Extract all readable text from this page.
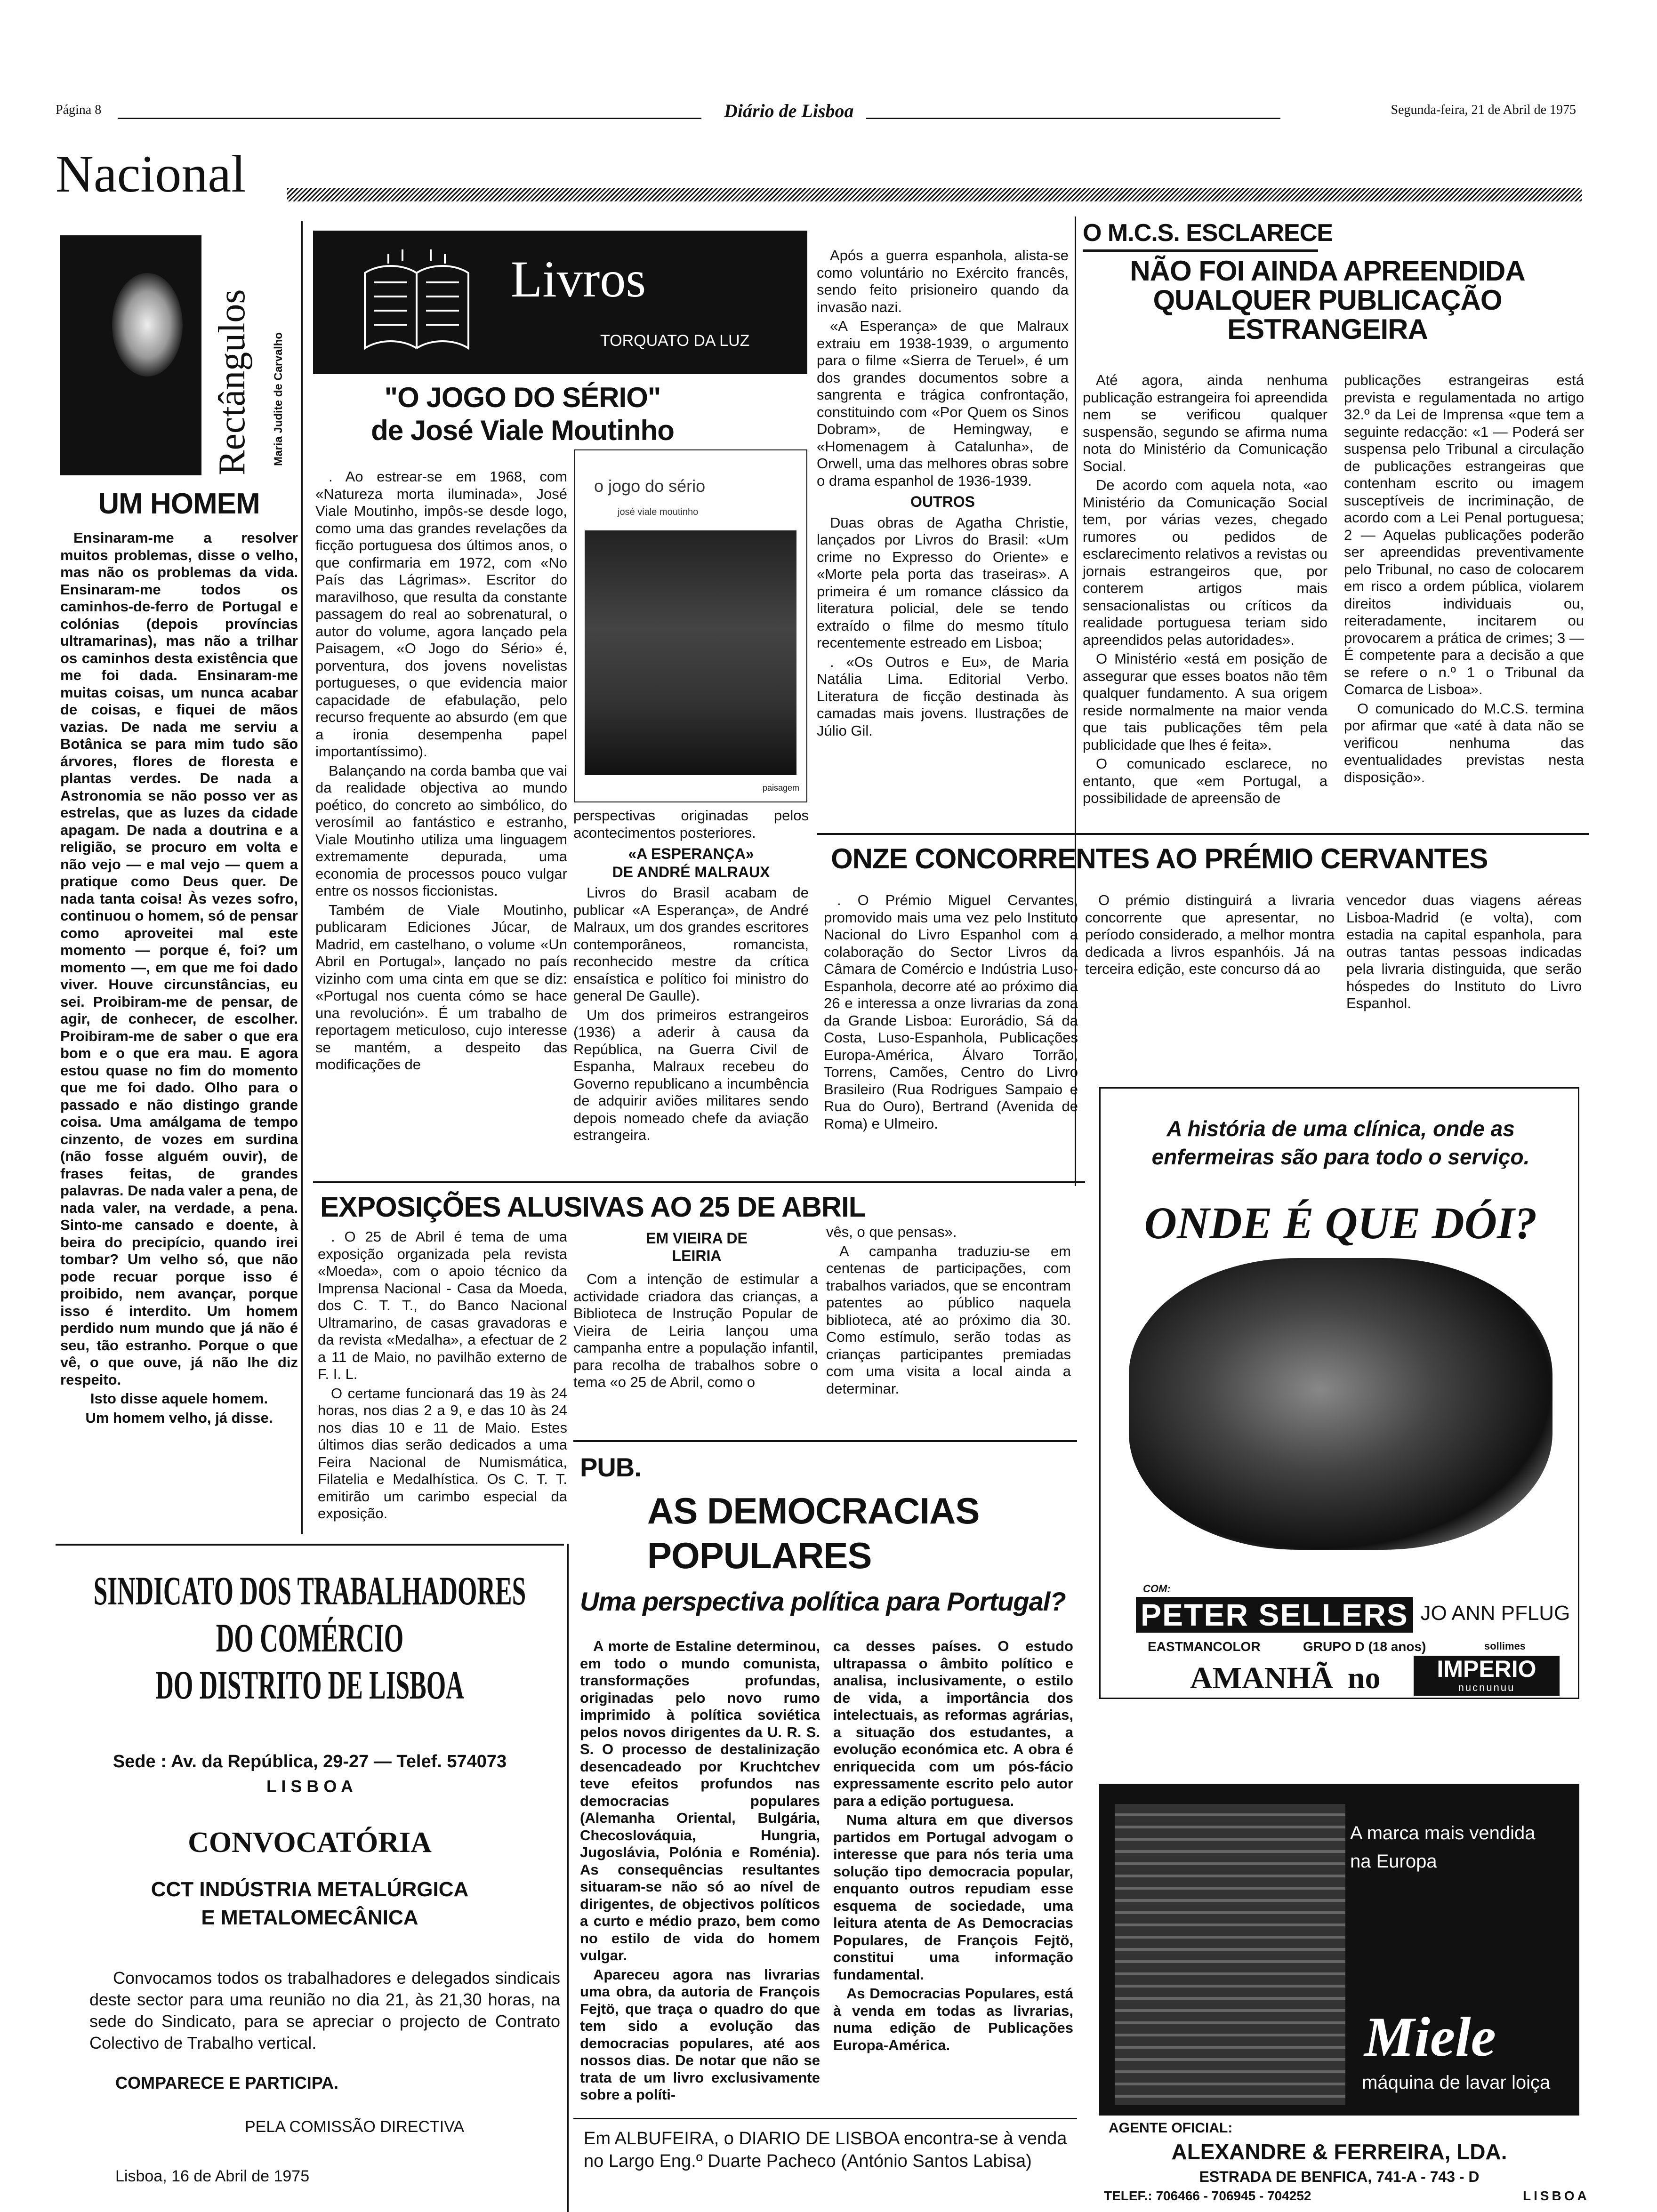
Página 8	Diário de Lisboa	Segunda-feira, 21 de Abril de 1975
Nacional
Rectângulos Maria Judite de Carvalho
UM HOMEM

Ensinaram-me a resolver muitos problemas, disse o velho, mas não os problemas da vida. Ensinaram-me todos os caminhos-de-ferro de Portugal e colónias (depois províncias ultramarinas), mas não a trilhar os caminhos desta existência que me foi dada. Ensinaram-me muitas coisas, um nunca acabar de coisas, e fiquei de mãos vazias. De nada me serviu a Botânica se para mim tudo são árvores, flores de floresta e plantas verdes. De nada a Astronomia se não posso ver as estrelas, que as luzes da cidade apagam. De nada a doutrina e a religião, se procuro em volta e não vejo — e mal vejo — quem a pratique como Deus quer. De nada tanta coisa! Às vezes sofro, continuou o homem, só de pensar como aproveitei mal este momento — porque é, foi? um momento —, em que me foi dado viver. Houve circunstâncias, eu sei. Proibiram-me de pensar, de agir, de conhecer, de escolher. Proibiram-me de saber o que era bom e o que era mau. E agora estou quase no fim do momento que me foi dado. Olho para o passado e não distingo grande coisa. Uma amálgama de tempo cinzento, de vozes em surdina (não fosse alguém ouvir), de frases feitas, de grandes palavras. De nada valer a pena, de nada valer, na verdade, a pena. Sinto-me cansado e doente, à beira do precipício, quando irei tombar? Um velho só, que não pode recuar porque isso é proibido, nem avançar, porque isso é interdito. Um homem perdido num mundo que já não é seu, tão estranho. Porque o que vê, o que ouve, já não lhe diz respeito.

Isto disse aquele homem.

Um homem velho, já disse.

Livros
TORQUATO DA LUZ
"O JOGO DO SÉRIO"
de José Viale Moutinho
o jogo do sério
josé viale moutinho
paisagem

. Ao estrear-se em 1968, com «Natureza morta iluminada», José Viale Moutinho, impôs-se desde logo, como uma das grandes revelações da ficção portuguesa dos últimos anos, o que confirmaria em 1972, com «No País das Lágrimas». Escritor do maravilhoso, que resulta da constante passagem do real ao sobrenatural, o autor do volume, agora lançado pela Paisagem, «O Jogo do Sério» é, porventura, dos jovens novelistas portugueses, o que evidencia maior capacidade de efabulação, pelo recurso frequente ao absurdo (em que a ironia desempenha papel importantíssimo).

Balançando na corda bamba que vai da realidade objectiva ao mundo poético, do concreto ao simbólico, do verosímil ao fantástico e estranho, Viale Moutinho utiliza uma linguagem extremamente depurada, uma economia de processos pouco vulgar entre os nossos ficcionistas.

Também de Viale Moutinho, publicaram Ediciones Júcar, de Madrid, em castelhano, o volume «Un Abril en Portugal», lançado no país vizinho com uma cinta em que se diz: «Portugal nos cuenta cómo se hace una revolución». É um trabalho de reportagem meticuloso, cujo interesse se mantém, a despeito das modificações de

perspectivas originadas pelos acontecimentos posteriores.

«A ESPERANÇA»
DE ANDRÉ MALRAUX

Livros do Brasil acabam de publicar «A Esperança», de André Malraux, um dos grandes escritores contemporâneos, romancista, reconhecido mestre da crítica ensaística e político foi ministro do general De Gaulle).

Um dos primeiros estrangeiros (1936) a aderir à causa da República, na Guerra Civil de Espanha, Malraux recebeu do Governo republicano a incumbência de adquirir aviões militares sendo depois nomeado chefe da aviação estrangeira.

Após a guerra espanhola, alista-se como voluntário no Exército francês, sendo feito prisioneiro quando da invasão nazi.

«A Esperança» de que Malraux extraiu em 1938-1939, o argumento para o filme «Sierra de Teruel», é um dos grandes documentos sobre a sangrenta e trágica confrontação, constituindo com «Por Quem os Sinos Dobram», de Hemingway, e «Homenagem à Catalunha», de Orwell, uma das melhores obras sobre o drama espanhol de 1936-1939.

OUTROS

Duas obras de Agatha Christie, lançados por Livros do Brasil: «Um crime no Expresso do Oriente» e «Morte pela porta das traseiras». A primeira é um romance clássico da literatura policial, dele se tendo extraído o filme do mesmo título recentemente estreado em Lisboa;

. «Os Outros e Eu», de Maria Natália Lima. Editorial Verbo. Literatura de ficção destinada às camadas mais jovens. Ilustrações de Júlio Gil.

O M.C.S. ESCLARECE
NÃO FOI AINDA APREENDIDA QUALQUER PUBLICAÇÃO ESTRANGEIRA

Até agora, ainda nenhuma publicação estrangeira foi apreendida nem se verificou qualquer suspensão, segundo se afirma numa nota do Ministério da Comunicação Social.

De acordo com aquela nota, «ao Ministério da Comunicação Social tem, por várias vezes, chegado rumores ou pedidos de esclarecimento relativos a revistas ou jornais estrangeiros que, por conterem artigos mais sensacionalistas ou críticos da realidade portuguesa teriam sido apreendidos pelas autoridades».

O Ministério «está em posição de assegurar que esses boatos não têm qualquer fundamento. A sua origem reside normalmente na maior venda que tais publicações têm pela publicidade que lhes é feita».

O comunicado esclarece, no entanto, que «em Portugal, a possibilidade de apreensão de

publicações estrangeiras está prevista e regulamentada no artigo 32.º da Lei de Imprensa «que tem a seguinte redacção: «1 — Poderá ser suspensa pelo Tribunal a circulação de publicações estrangeiras que contenham escrito ou imagem susceptíveis de incriminação, de acordo com a Lei Penal portuguesa; 2 — Aquelas publicações poderão ser apreendidas preventivamente pelo Tribunal, no caso de colocarem em risco a ordem pública, violarem direitos individuais ou, reiteradamente, incitarem ou provocarem a prática de crimes; 3 — É competente para a decisão a que se refere o n.º 1 o Tribunal da Comarca de Lisboa».

O comunicado do M.C.S. termina por afirmar que «até à data não se verificou nenhuma das eventualidades previstas nesta disposição».

ONZE CONCORRENTES AO PRÉMIO CERVANTES

. O Prémio Miguel Cervantes, promovido mais uma vez pelo Instituto Nacional do Livro Espanhol com a colaboração do Sector Livros da Câmara de Comércio e Indústria Luso-Espanhola, decorre até ao próximo dia 26 e interessa a onze livrarias da zona da Grande Lisboa: Eurorádio, Sá da Costa, Luso-Espanhola, Publicações Europa-América, Álvaro Torrão, Torrens, Camões, Centro do Livro Brasileiro (Rua Rodrigues Sampaio e Rua do Ouro), Bertrand (Avenida de Roma) e Ulmeiro.

O prémio distinguirá a livraria concorrente que apresentar, no período considerado, a melhor montra dedicada a livros espanhóis. Já na terceira edição, este concurso dá ao

vencedor duas viagens aéreas Lisboa-Madrid (e volta), com estadia na capital espanhola, para outras tantas pessoas indicadas pela livraria distinguida, que serão hóspedes do Instituto do Livro Espanhol.

EXPOSIÇÕES ALUSIVAS AO 25 DE ABRIL

. O 25 de Abril é tema de uma exposição organizada pela revista «Moeda», com o apoio técnico da Imprensa Nacional - Casa da Moeda, dos C. T. T., do Banco Nacional Ultramarino, de casas gravadoras e da revista «Medalha», a efectuar de 2 a 11 de Maio, no pavilhão externo de F. I. L.

O certame funcionará das 19 às 24 horas, nos dias 2 a 9, e das 10 às 24 nos dias 10 e 11 de Maio. Estes últimos dias serão dedicados a uma Feira Nacional de Numismática, Filatelia e Medalhística. Os C. T. T. emitirão um carimbo especial da exposição.

EM VIEIRA DE LEIRIA

Com a intenção de estimular a actividade criadora das crianças, a Biblioteca de Instrução Popular de Vieira de Leiria lançou uma campanha entre a população infantil, para recolha de trabalhos sobre o tema «o 25 de Abril, como o

vês, o que pensas».

A campanha traduziu-se em centenas de participações, com trabalhos variados, que se encontram patentes ao público naquela biblioteca, até ao próximo dia 30. Como estímulo, serão todas as crianças participantes premiadas com uma visita a local ainda a determinar.

SINDICATO DOS TRABALHADORES
DO COMÉRCIO
DO DISTRITO DE LISBOA
Sede : Av. da República, 29-27 — Telef. 574073
L I S B O A
CONVOCATÓRIA
CCT INDÚSTRIA METALÚRGICA
E METALOMECÂNICA
Convocamos todos os trabalhadores e delegados sindicais deste sector para uma reunião no dia 21, às 21,30 horas, na sede do Sindicato, para se apreciar o projecto de Contrato Colectivo de Trabalho vertical.
COMPARECE E PARTICIPA.
PELA COMISSÃO DIRECTIVA
Lisboa, 16 de Abril de 1975
PUB.
AS DEMOCRACIAS
POPULARES
Uma perspectiva política para Portugal?

A morte de Estaline determinou, em todo o mundo comunista, transformações profundas, originadas pelo novo rumo imprimido à política soviética pelos novos dirigentes da U. R. S. S. O processo de destalinização desencadeado por Kruchtchev teve efeitos profundos nas democracias populares (Alemanha Oriental, Bulgária, Checoslováquia, Hungria, Jugoslávia, Polónia e Roménia). As consequências resultantes situaram-se não só ao nível de dirigentes, de objectivos políticos a curto e médio prazo, bem como no estilo de vida do homem vulgar.

Apareceu agora nas livrarias uma obra, da autoria de François Fejtö, que traça o quadro do que tem sido a evolução das democracias populares, até aos nossos dias. De notar que não se trata de um livro exclusivamente sobre a políti-

ca desses países. O estudo ultrapassa o âmbito político e analisa, inclusivamente, o estilo de vida, a importância dos intelectuais, as reformas agrárias, a situação dos estudantes, a evolução económica etc. A obra é enriquecida com um pós-fácio expressamente escrito pelo autor para a edição portuguesa.

Numa altura em que diversos partidos em Portugal advogam o interesse que para nós teria uma solução tipo democracia popular, enquanto outros repudiam esse esquema de sociedade, uma leitura atenta de As Democracias Populares, de François Fejtö, constitui uma informação fundamental.

As Democracias Populares, está à venda em todas as livrarias, numa edição de Publicações Europa-América.

Em ALBUFEIRA, o DIARIO DE LISBOA encontra-se à venda no Largo Eng.º Duarte Pacheco (António Santos Labisa)
A história de uma clínica, onde as enfermeiras são para todo o serviço.
ONDE É QUE DÓI?
COM:
PETER SELLERS . JO ANN PFLUG
EASTMANCOLOR	GRUPO D (18 anos)	sollimes
AMANHÃ no	IMPERIO
nucnunuu
A marca mais vendida
na Europa
Miele
máquina de lavar loiça
AGENTE OFICIAL:
ALEXANDRE & FERREIRA, LDA.
ESTRADA DE BENFICA, 741-A - 743 - D
TELEF.: 706466 - 706945 - 704252	LISBOA
